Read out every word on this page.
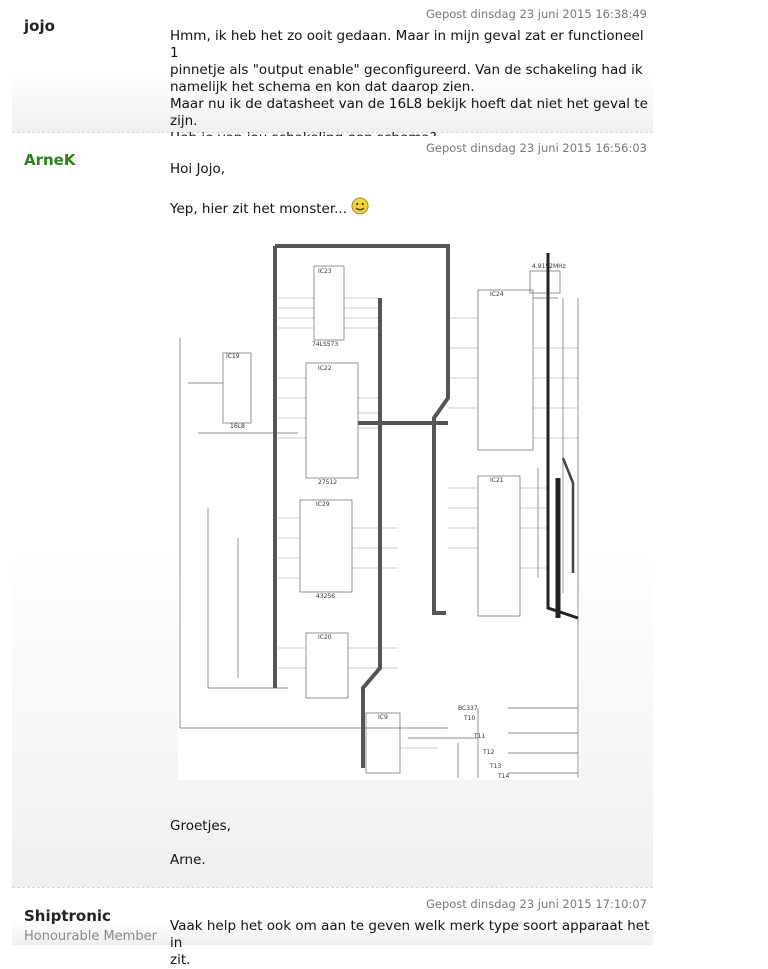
jojo
Gepost dinsdag 23 juni 2015 16:38:49

Hmm, ik heb het zo ooit gedaan. Maar in mijn geval zat er functioneel 1

pinnetje als "output enable" geconfigureerd. Van de schakeling had ik

namelijk het schema en kon dat daarop zien.

Maar nu ik de datasheet van de 16L8 bekijk hoeft dat niet het geval te zijn.

ArneK
Gepost dinsdag 23 juni 2015 16:56:03

Hoi Jojo,

Yep, hier zit het monster...

Groetjes,

Arne.

IC23
IC19
IC22
IC29
IC24
IC21
IC20
IC9
BC337
T10
T11
T12
T13
T14
4.9152MHz
16L8
27512
43256
74LS573
Shiptronic
Honourable Member
Gepost dinsdag 23 juni 2015 17:10:07

Vaak help het ook om aan te geven welk merk type soort apparaat het in

zit.
